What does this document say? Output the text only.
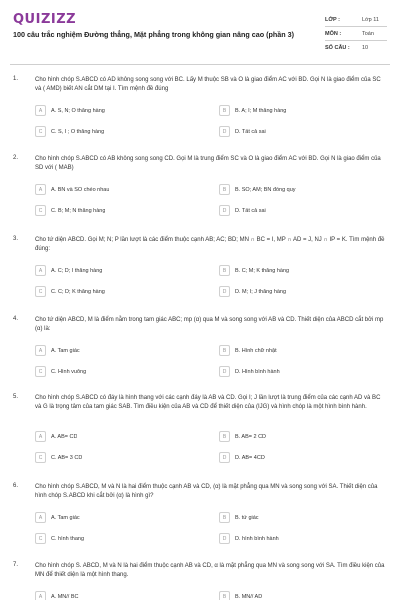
QUIZIZZ
100 câu trắc nghiệm Đường thẳng, Mặt phẳng trong không gian nâng cao (phần 3)
LỚP :	Lớp 11
MÔN :	Toán
SỐ CÂU :	10
1.	Cho hình chóp S.ABCD có AD không song song với BC. Lấy M thuộc SB và O là giao điểm AC với BD. Gọi N là giao điểm của SC và ( AMD) biết AN cắt DM tại I. Tìm mệnh đề đúng
A	A. S, N; O thẳng hàng	B	B. A; I; M thẳng hàng
C	C. S, I ; O thẳng hàng	D	D. Tất cả sai
2.	Cho hình chóp S.ABCD có AB không song song CD. Gọi M là trung điểm SC và O là giao điểm AC với BD. Gọi N là giao điểm của SD với ( MAB)
A	A. BN và SO chéo nhau	B	B. SO; AM; BN đồng quy
C	C. B; M; N thẳng hàng	D	D. Tất cả sai
3.	Cho tứ diện ABCD. Gọi M; N; P lần lượt là các điểm thuộc cạnh AB; AC; BD; MN ∩ BC = I, MP ∩ AD = J, NJ ∩ IP = K. Tìm mệnh đề đúng:
A	A. C; D; I thẳng hàng	B	B. C; M; K thẳng hàng
C	C. C; D; K thẳng hàng	D	D. M; I; J thẳng hàng
4.	Cho tứ diện ABCD, M là điểm nằm trong tam giác ABC; mp (α) qua M và song song với AB và CD. Thiết diện của ABCD cắt bởi mp (α) là:
A	A. Tam giác	B	B. Hình chữ nhật
C	C. Hình vuông	D	D. Hình bình hành
5.	Cho hình chóp S.ABCD có đáy là hình thang với các cạnh đáy là AB và CD. Gọi I; J lần lượt là trung điểm của các cạnh AD và BC và G là trọng tâm của tam giác SAB. Tìm điều kiện của AB và CD để thiết diện của (IJG) và hình chóp là một hình bình hành.
A	A. AB= CD	B	B. AB= 2 CD
C	C. AB= 3 CD	D	D. AB= 4CD
6.	Cho hình chóp S.ABCD, M và N là hai điểm thuộc cạnh AB và CD, (α) là mặt phẳng qua MN và song song với SA. Thiết diện của hình chóp S.ABCD khi cắt bởi (α) là hình gì?
A	A. Tam giác	B	B. tứ giác
C	C. hình thang	D	D. hình bình hành
7.	Cho hình chóp S. ABCD, M và N là hai điểm thuộc cạnh AB và CD, α là mặt phẳng qua MN và song song với SA. Tìm điều kiện của MN để thiết diện là một hình thang.
A	A. MN// BC	B	B. MN// AD
